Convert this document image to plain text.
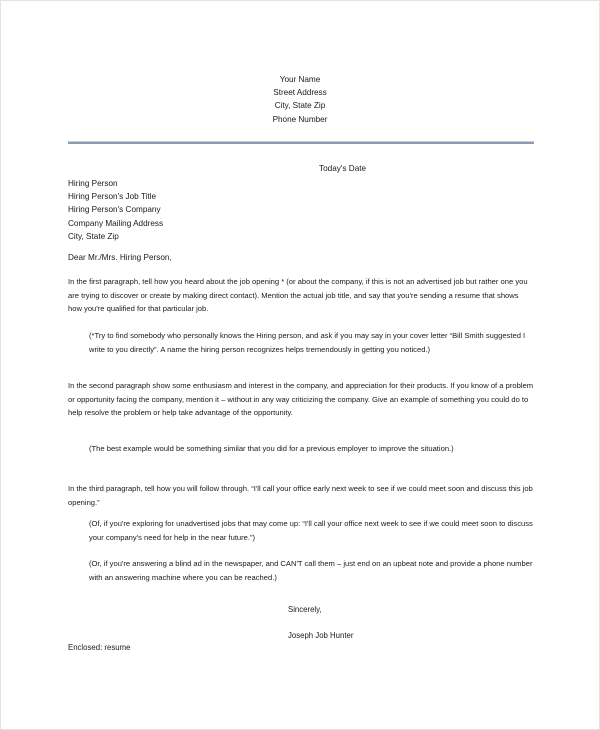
Your Name
Street Address
City, State Zip
Phone Number
Today's Date
Hiring Person
Hiring Person's Job Title
Hiring Person's Company
Company Mailing Address
City, State Zip
Dear Mr./Mrs. Hiring Person,
In the first paragraph, tell how you heard about the job opening * (or about the company, if this is not an advertised job but rather one you are trying to discover or create by making direct contact). Mention the actual job title, and say that you're sending a resume that shows how you're qualified for that particular job.
(*Try to find somebody who personally knows the Hiring person, and ask if you may say in your cover letter “Bill Smith suggested I write to you directly”. A name the hiring person recognizes helps tremendously in getting you noticed.)
In the second paragraph show some enthusiasm and interest in the company, and appreciation for their products. If you know of a problem or opportunity facing the company, mention it – without in any way criticizing the company. Give an example of something you could do to help resolve the problem or help take advantage of the opportunity.
(The best example would be something similar that you did for a previous employer to improve the situation.)
In the third paragraph, tell how you will follow through. “I'll call your office early next week to see if we could meet soon and discuss this job opening.”
(Of, if you're exploring for unadvertised jobs that may come up: “I'll call your office next week to see if we could meet soon to discuss your company's need for help in the near future.”)
(Or, if you're answering a blind ad in the newspaper, and CAN'T call them – just end on an upbeat note and provide a phone number with an answering machine where you can be reached.)
Sincerely,
Joseph Job Hunter
Enclosed: resume
